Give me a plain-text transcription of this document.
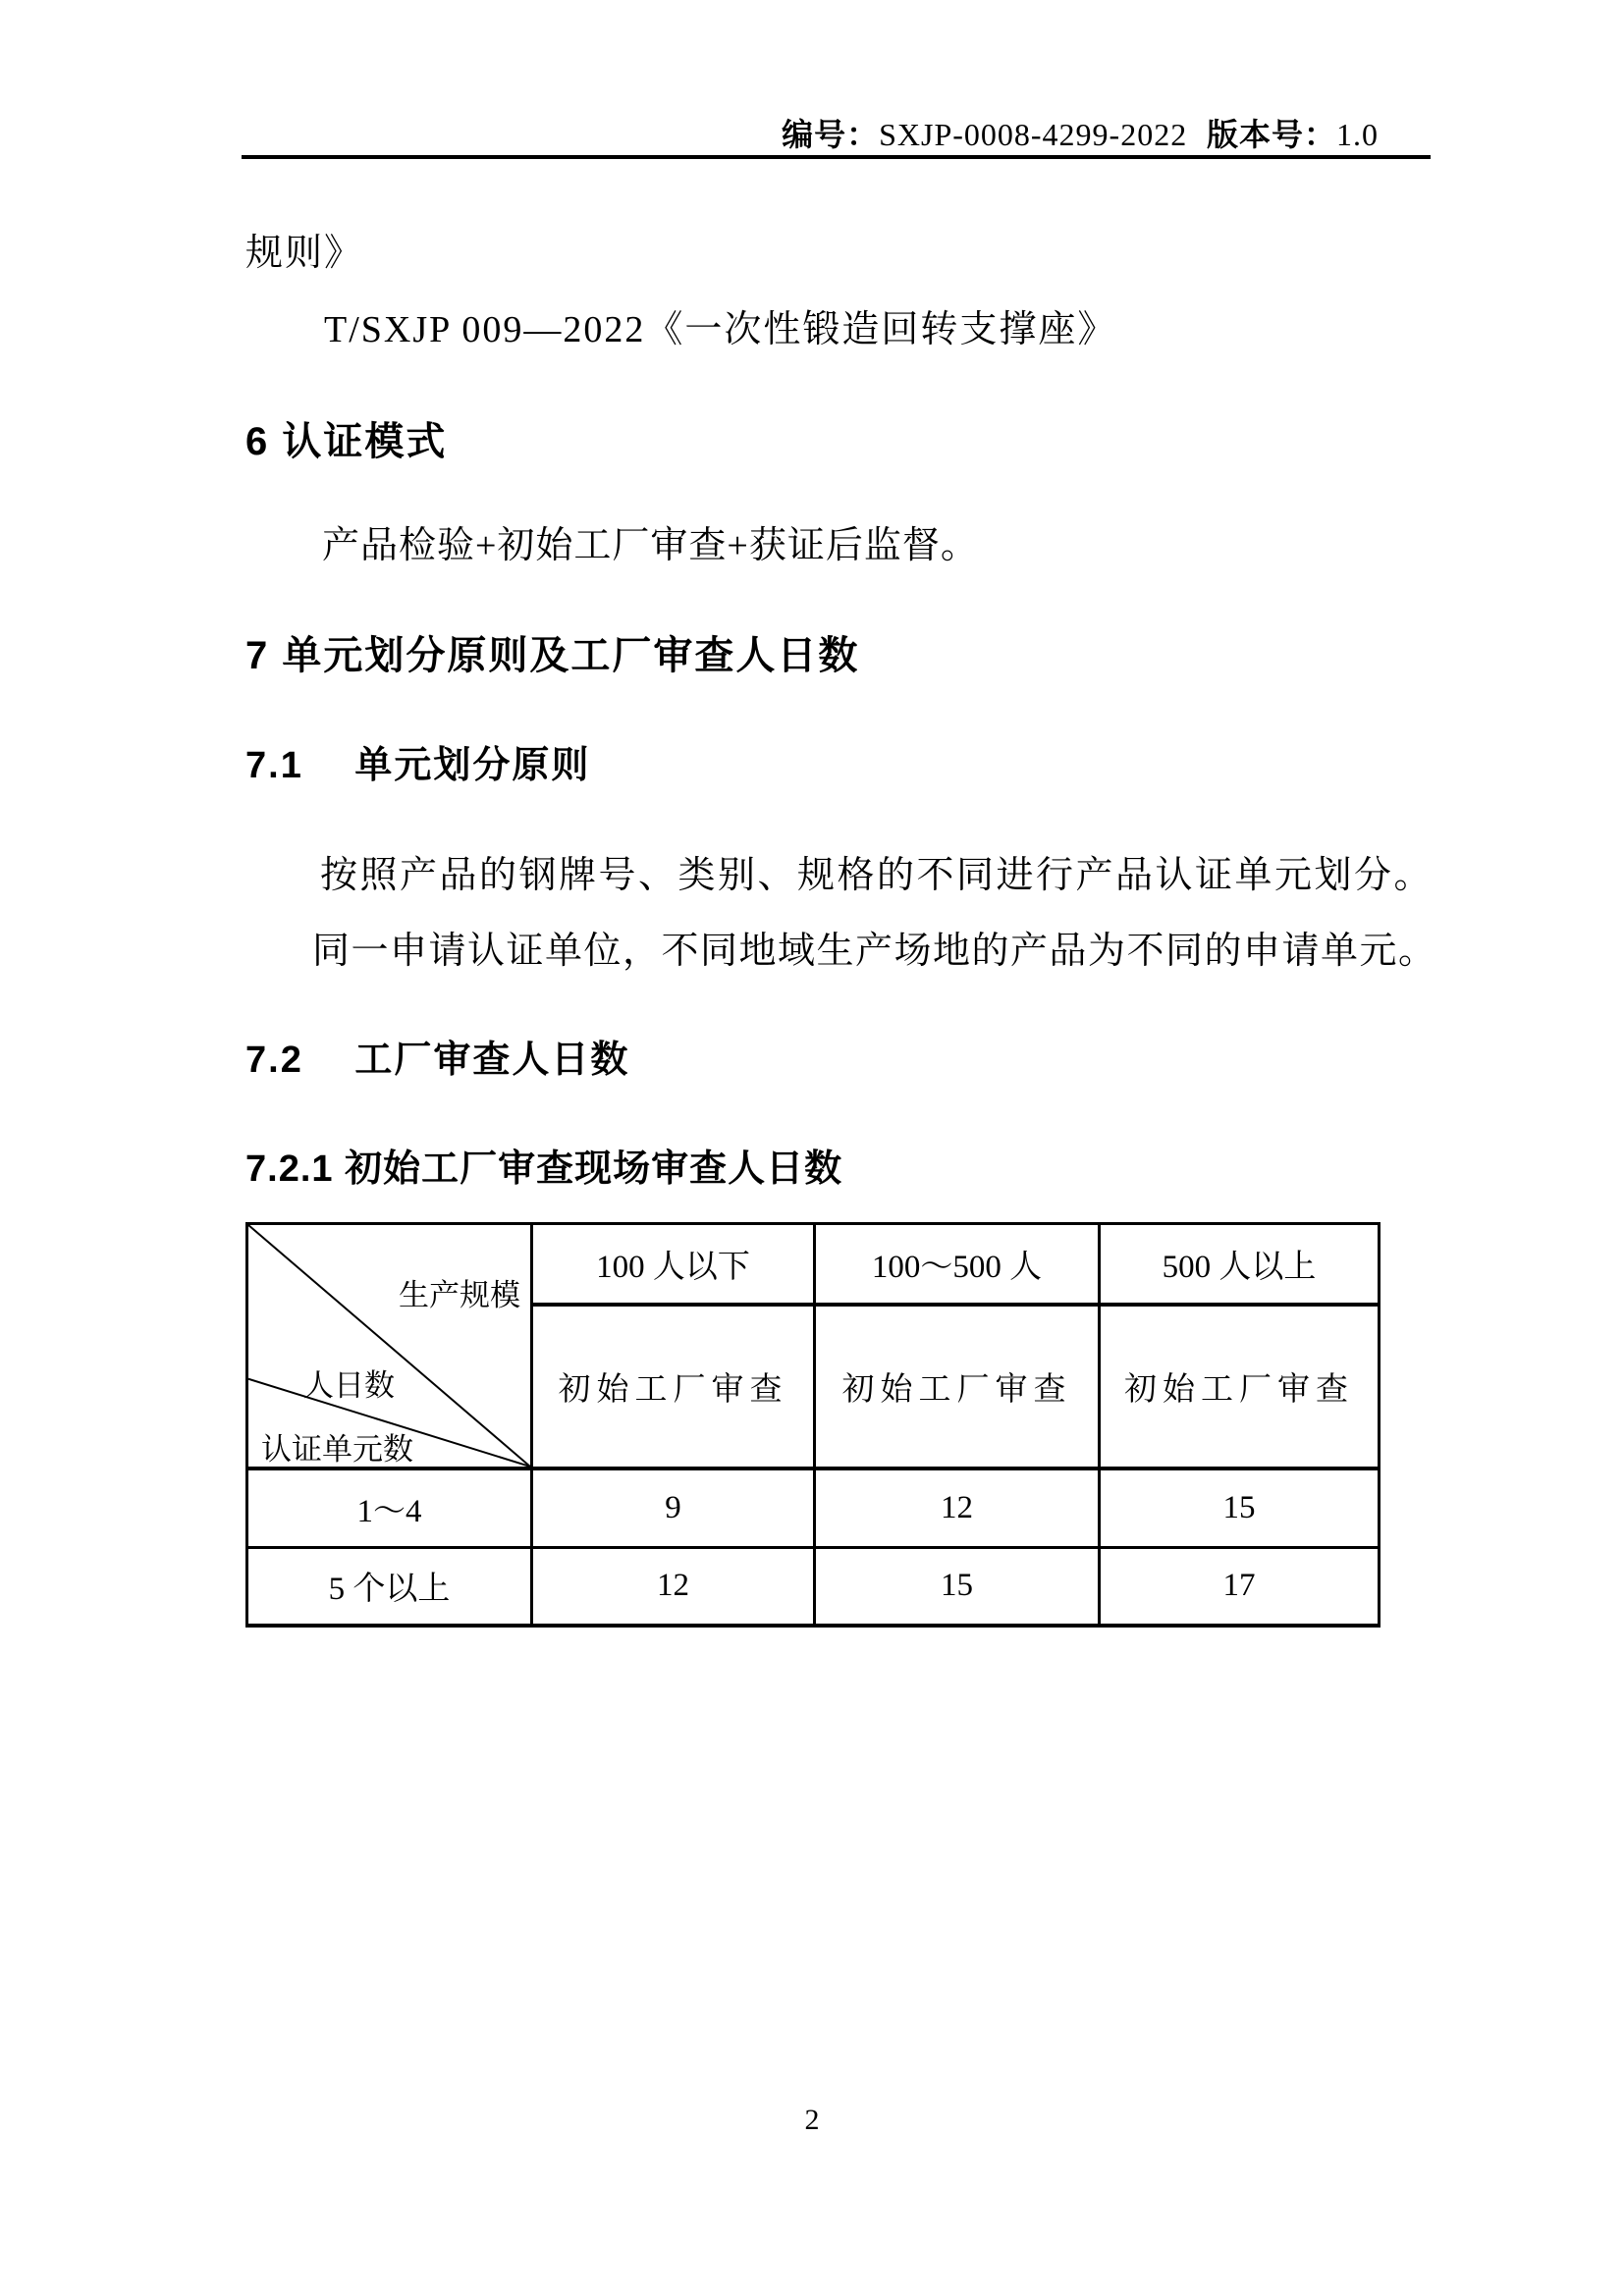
编号：SXJP-0008-4299-2022  版本号：1.0
规则》
T/SXJP 009—2022《一次性锻造回转支撑座》
6 认证模式
产品检验+初始工厂审查+获证后监督。
7 单元划分原则及工厂审查人日数
7.1　 单元划分原则
按照产品的钢牌号、类别、规格的不同进行产品认证单元划分。
同一申请认证单位，不同地域生产场地的产品为不同的申请单元。
7.2　 工厂审查人日数
7.2.1 初始工厂审查现场审查人日数
生产规模
人日数
认证单元数	100 人以下	100～500 人	500 人以上
	初始工厂审查	初始工厂审查	初始工厂审查
1～4	9	12	15
5 个以上	12	15	17
2
